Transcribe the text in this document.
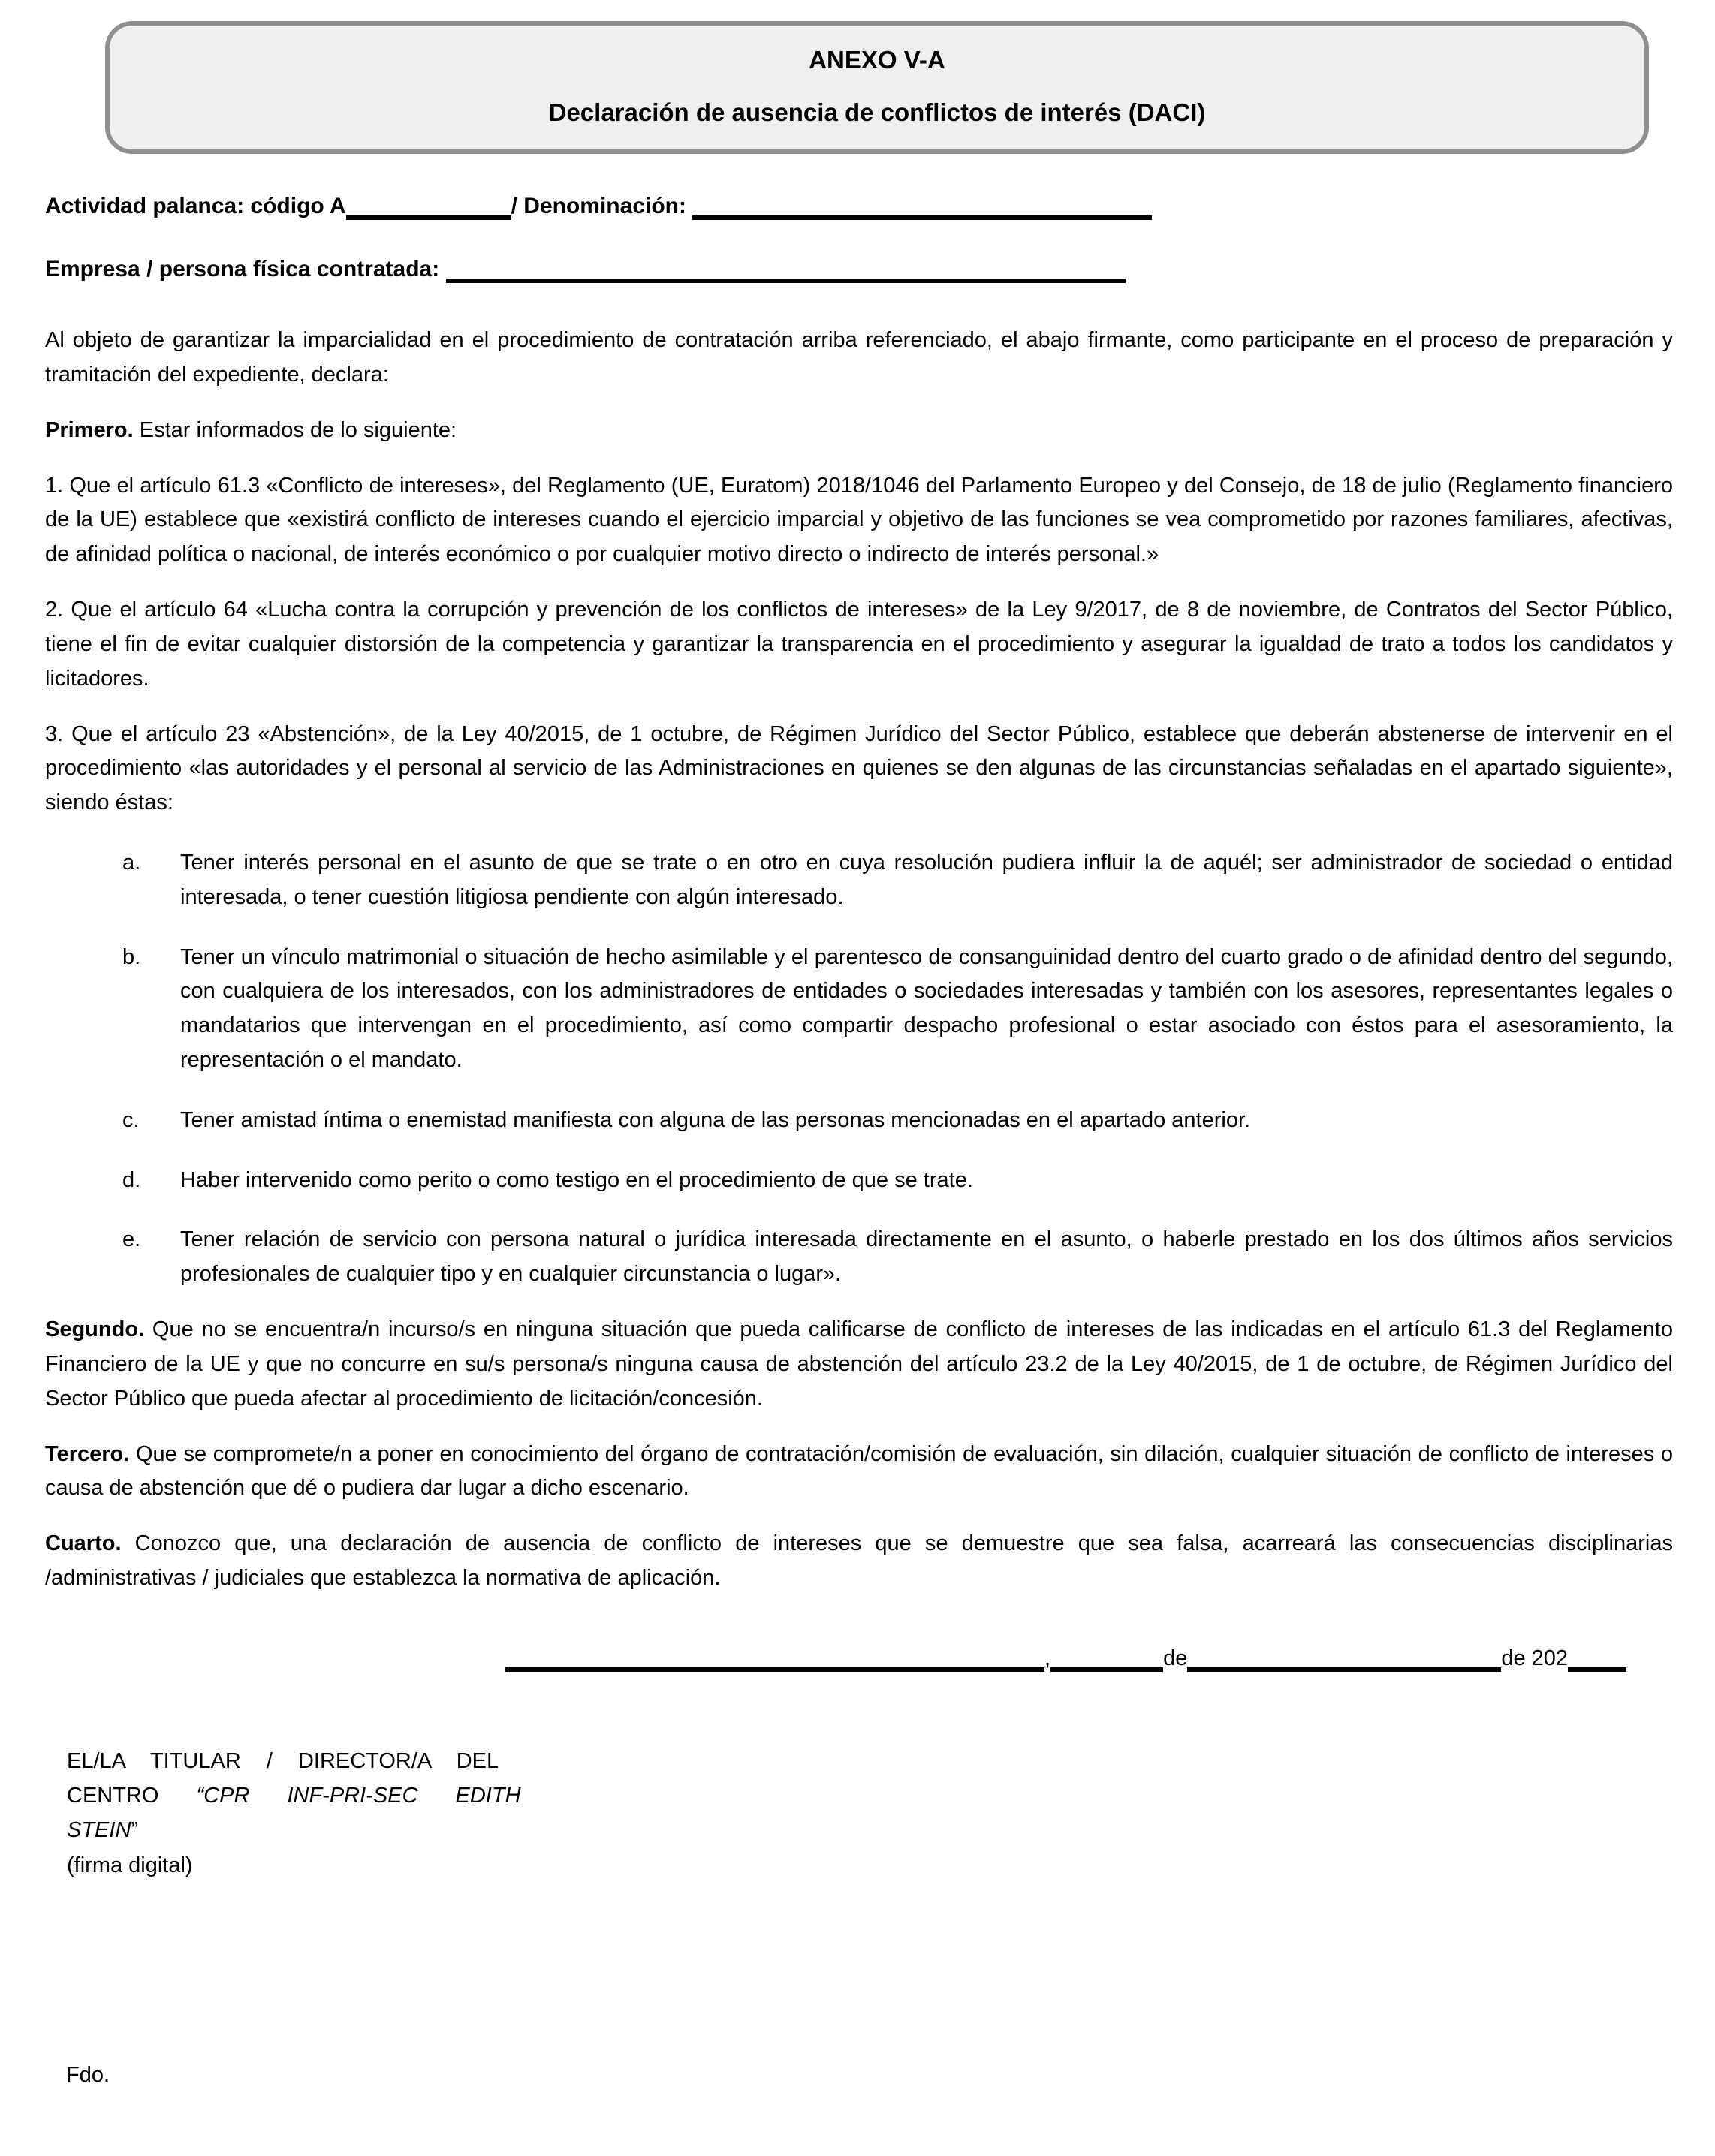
ANEXO V-A
Declaración de ausencia de conflictos de interés (DACI)
Actividad palanca: código A	/ Denominación:
Empresa / persona física contratada:

Al objeto de garantizar la imparcialidad en el procedimiento de contratación arriba referenciado, el abajo firmante, como participante en el proceso de preparación y tramitación del expediente, declara:

Primero. Estar informados de lo siguiente:

1. Que el artículo 61.3 «Conflicto de intereses», del Reglamento (UE, Euratom) 2018/1046 del Parlamento Europeo y del Consejo, de 18 de julio (Reglamento financiero de la UE) establece que «existirá conflicto de intereses cuando el ejercicio imparcial y objetivo de las funciones se vea comprometido por razones familiares, afectivas, de afinidad política o nacional, de interés económico o por cualquier motivo directo o indirecto de interés personal.»

2. Que el artículo 64 «Lucha contra la corrupción y prevención de los conflictos de intereses» de la Ley 9/2017, de 8 de noviembre, de Contratos del Sector Público, tiene el fin de evitar cualquier distorsión de la competencia y garantizar la transparencia en el procedimiento y asegurar la igualdad de trato a todos los candidatos y licitadores.

3. Que el artículo 23 «Abstención», de la Ley 40/2015, de 1 octubre, de Régimen Jurídico del Sector Público, establece que deberán abstenerse de intervenir en el procedimiento «las autoridades y el personal al servicio de las Administraciones en quienes se den algunas de las circunstancias señaladas en el apartado siguiente», siendo éstas:

a.	Tener interés personal en el asunto de que se trate o en otro en cuya resolución pudiera influir la de aquél; ser administrador de sociedad o entidad interesada, o tener cuestión litigiosa pendiente con algún interesado.
b.	Tener un vínculo matrimonial o situación de hecho asimilable y el parentesco de consanguinidad dentro del cuarto grado o de afinidad dentro del segundo, con cualquiera de los interesados, con los administradores de entidades o sociedades interesadas y también con los asesores, representantes legales o mandatarios que intervengan en el procedimiento, así como compartir despacho profesional o estar asociado con éstos para el asesoramiento, la representación o el mandato.
c.	Tener amistad íntima o enemistad manifiesta con alguna de las personas mencionadas en el apartado anterior.
d.	Haber intervenido como perito o como testigo en el procedimiento de que se trate.
e.	Tener relación de servicio con persona natural o jurídica interesada directamente en el asunto, o haberle prestado en los dos últimos años servicios profesionales de cualquier tipo y en cualquier circunstancia o lugar».

Segundo. Que no se encuentra/n incurso/s en ninguna situación que pueda calificarse de conflicto de intereses de las indicadas en el artículo 61.3 del Reglamento Financiero de la UE y que no concurre en su/s persona/s ninguna causa de abstención del artículo 23.2 de la Ley 40/2015, de 1 de octubre, de Régimen Jurídico del Sector Público que pueda afectar al procedimiento de licitación/concesión.

Tercero. Que se compromete/n a poner en conocimiento del órgano de contratación/comisión de evaluación, sin dilación, cualquier situación de conflicto de intereses o causa de abstención que dé o pudiera dar lugar a dicho escenario.

Cuarto. Conozco que, una declaración de ausencia de conflicto de intereses que se demuestre que sea falsa, acarreará las consecuencias disciplinarias /administrativas / judiciales que establezca la normativa de aplicación.

,	de	de 202
EL/LA TITULAR / DIRECTOR/A DEL
CENTRO “CPR INF-PRI-SEC EDITH
STEIN”
(firma digital)
Fdo.
